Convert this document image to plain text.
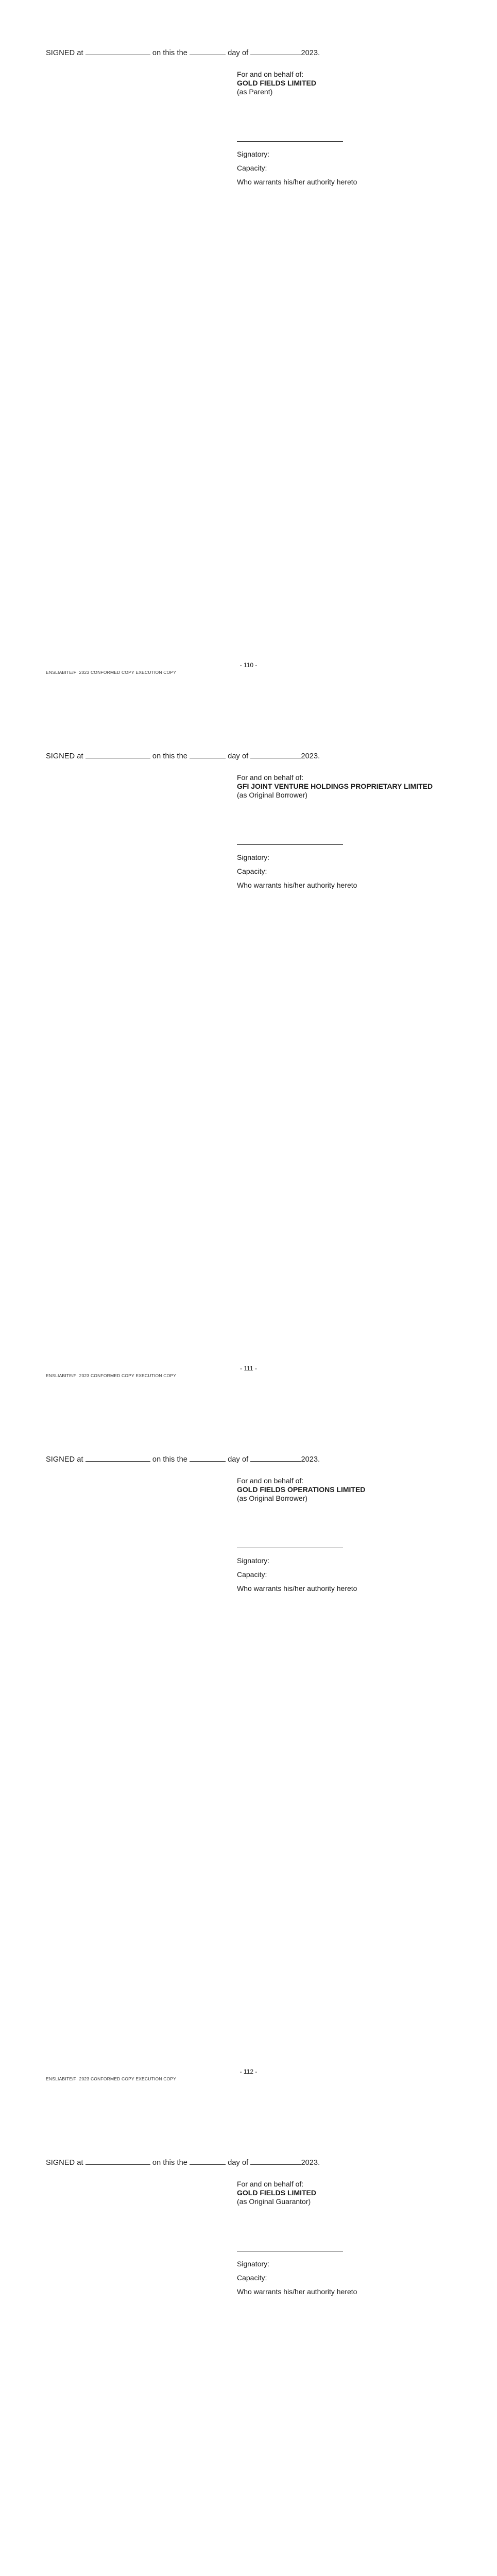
SIGNED at	on this the	day of	2023.
For and on behalf of:
GOLD FIELDS LIMITED
(as Parent)
Signatory:
Capacity:
Who warrants his/her authority hereto
- 110 -
ENSLIABITE/F· 2023 CONFORMED COPY EXECUTION COPY
SIGNED at	on this the	day of	2023.
For and on behalf of:
GFI JOINT VENTURE HOLDINGS PROPRIETARY LIMITED
(as Original Borrower)
Signatory:
Capacity:
Who warrants his/her authority hereto
- 111 -
ENSLIABITE/F· 2023 CONFORMED COPY EXECUTION COPY
SIGNED at	on this the	day of	2023.
For and on behalf of:
GOLD FIELDS OPERATIONS LIMITED
(as Original Borrower)
Signatory:
Capacity:
Who warrants his/her authority hereto
- 112 -
ENSLIABITE/F· 2023 CONFORMED COPY EXECUTION COPY
SIGNED at	on this the	day of	2023.
For and on behalf of:
GOLD FIELDS LIMITED
(as Original Guarantor)
Signatory:
Capacity:
Who warrants his/her authority hereto
